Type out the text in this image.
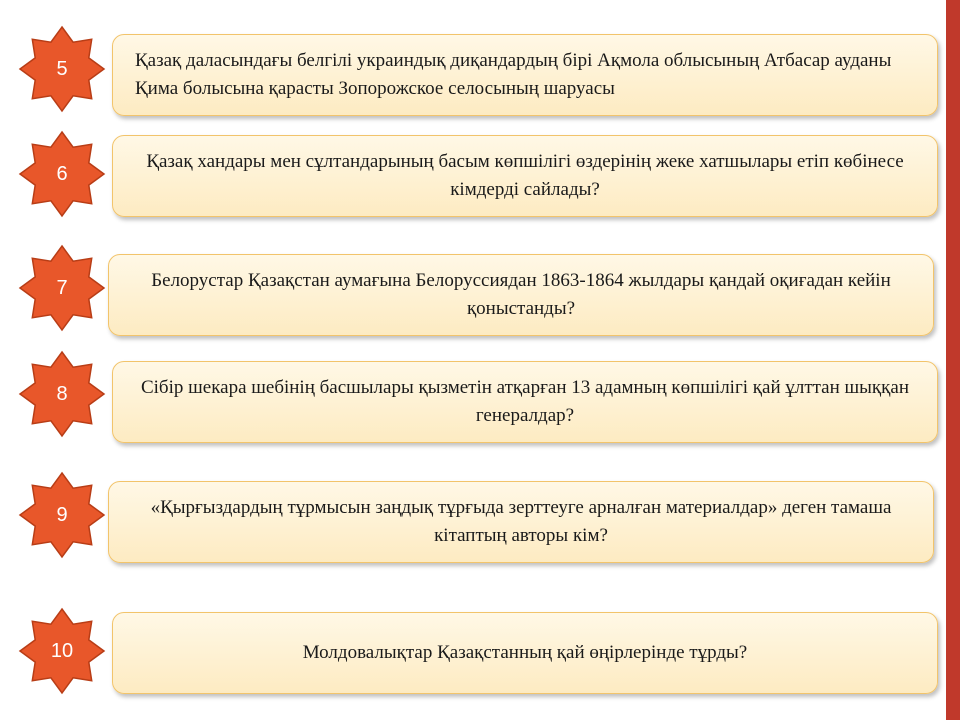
Қазақ даласындағы белгілі украиндық диқандардың бірі Ақмола облысының Атбасар ауданы Қима болысына қарасты Зопорожское селосының шаруасы
5
Қазақ хандары мен сұлтандарының басым көпшілігі өздерінің жеке хатшылары етіп көбінесе кімдерді сайлады?
6
Белорустар Қазақстан аумағына Белоруссиядан 1863-1864 жылдары қандай оқиғадан кейін қоныстанды?
7
Сібір шекара шебінің басшылары қызметін атқарған 13 адамның көпшілігі қай ұлттан шыққан генералдар?
8
«Қырғыздардың тұрмысын заңдық тұрғыда зерттеуге арналған материалдар» деген тамаша кітаптың авторы кім?
9
Молдовалықтар Қазақстанның қай өңірлерінде тұрды?
10
